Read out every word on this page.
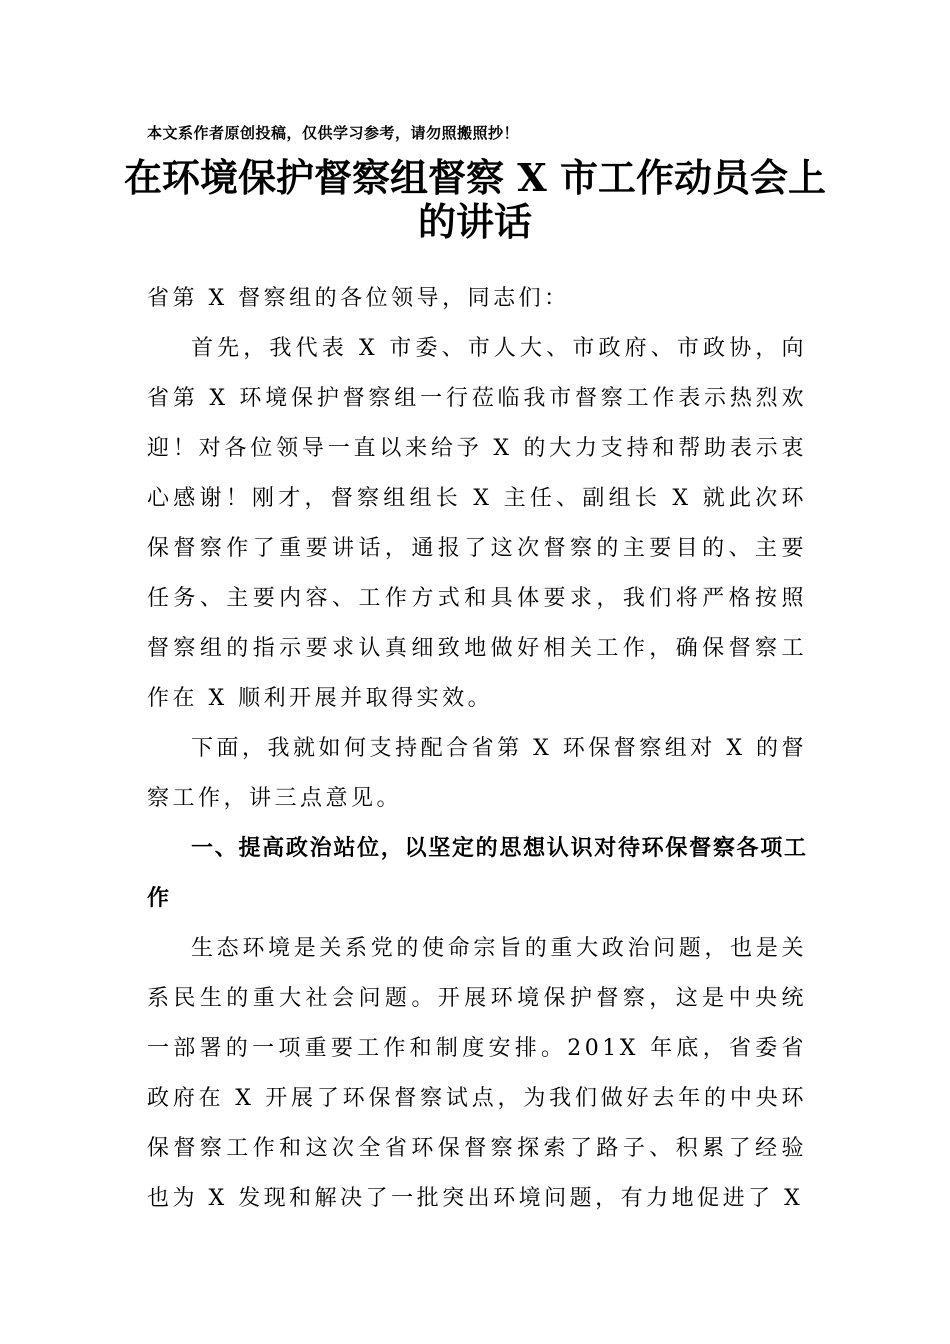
本文系作者原创投稿，仅供学习参考，请勿照搬照抄！
在环境保护督察组督察 X 市工作动员会上
的讲话

省第 X 督察组的各位领导，同志们：

首先，我代表 X 市委、市人大、市政府、市政协，向省第 X 环境保护督察组一行莅临我市督察工作表示热烈欢迎！对各位领导一直以来给予 X 的大力支持和帮助表示衷心感谢！刚才，督察组组长 X 主任、副组长 X 就此次环保督察作了重要讲话，通报了这次督察的主要目的、主要任务、主要内容、工作方式和具体要求，我们将严格按照督察组的指示要求认真细致地做好相关工作，确保督察工作在 X 顺利开展并取得实效。

下面，我就如何支持配合省第 X 环保督察组对 X 的督察工作，讲三点意见。

一、提高政治站位，以坚定的思想认识对待环保督察各项工作

生态环境是关系党的使命宗旨的重大政治问题，也是关系民生的重大社会问题。开展环境保护督察，这是中央统一部署的一项重要工作和制度安排。201X 年底，省委省政府在 X 开展了环保督察试点，为我们做好去年的中央环保督察工作和这次全省环保督察探索了路子、积累了经验也为 X 发现和解决了一批突出环境问题，有力地促进了 X
